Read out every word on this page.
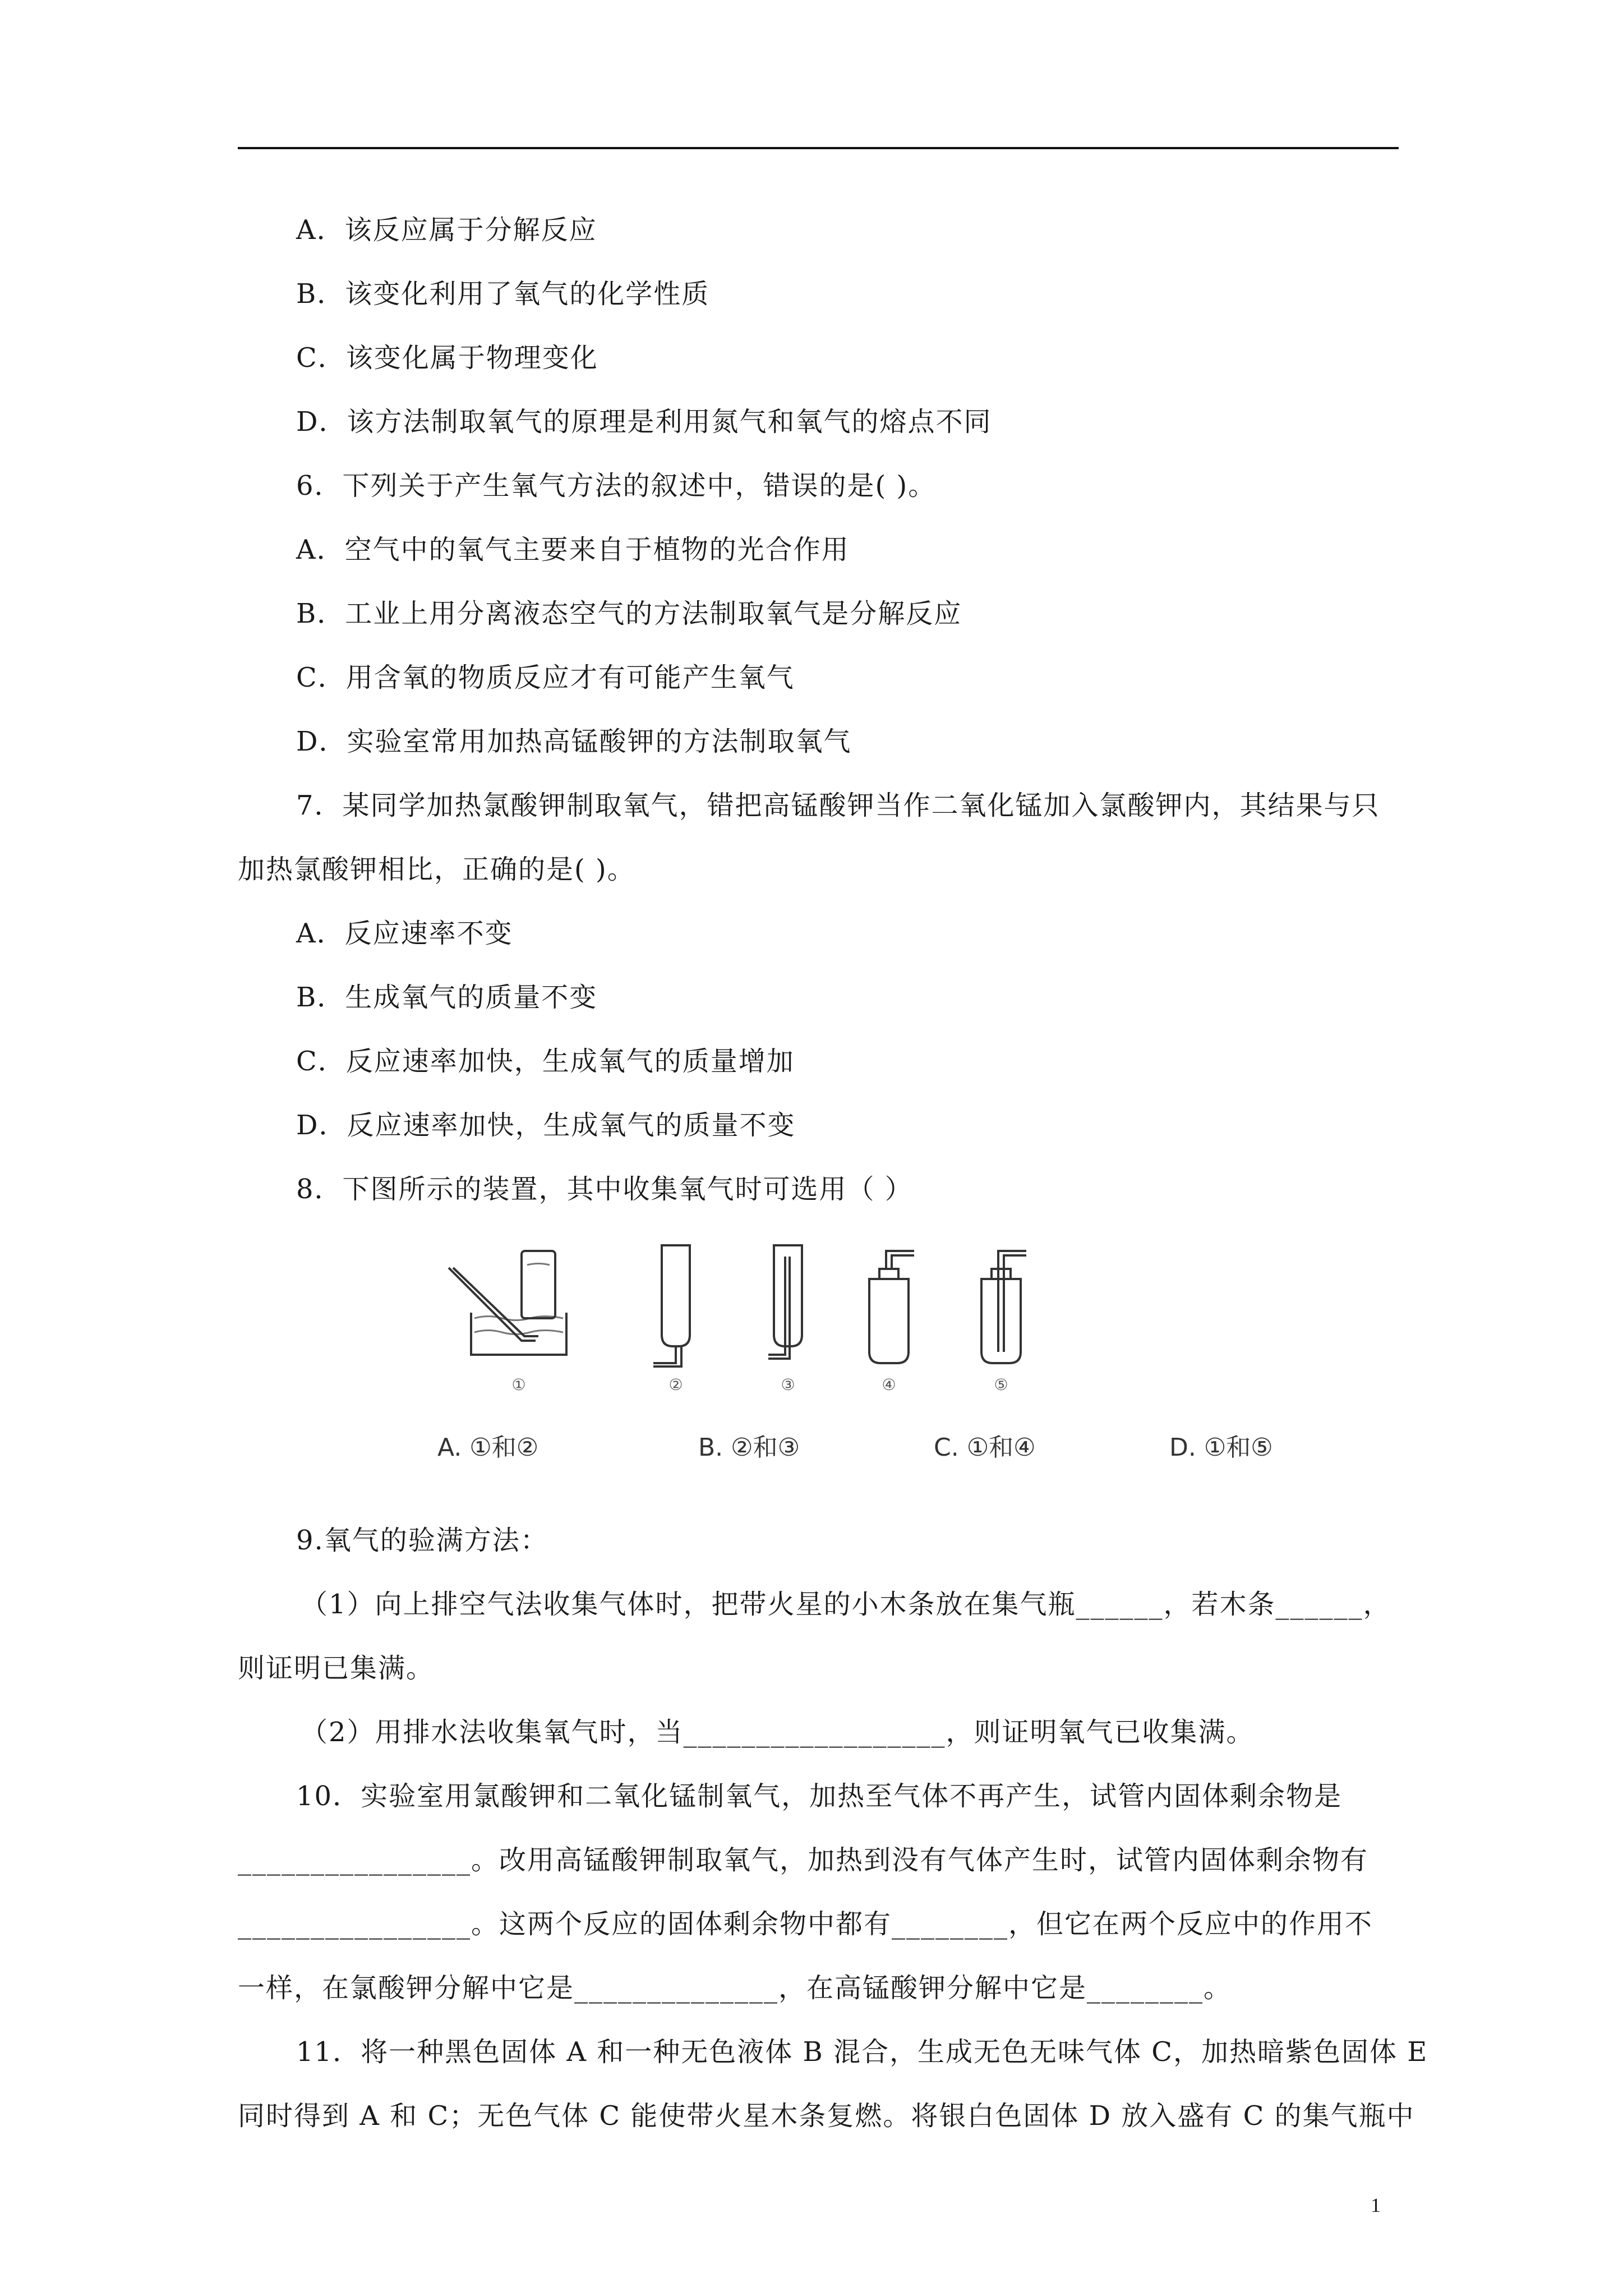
A．该反应属于分解反应
B．该变化利用了氧气的化学性质
C．该变化属于物理变化
D．该方法制取氧气的原理是利用氮气和氧气的熔点不同
6．下列关于产生氧气方法的叙述中，错误的是( )。
A．空气中的氧气主要来自于植物的光合作用
B．工业上用分离液态空气的方法制取氧气是分解反应
C．用含氧的物质反应才有可能产生氧气
D．实验室常用加热高锰酸钾的方法制取氧气
7．某同学加热氯酸钾制取氧气，错把高锰酸钾当作二氧化锰加入氯酸钾内，其结果与只
加热氯酸钾相比，正确的是( )。
A．反应速率不变
B．生成氧气的质量不变
C．反应速率加快，生成氧气的质量增加
D．反应速率加快，生成氧气的质量不变
8．下图所示的装置，其中收集氧气时可选用（ ）
①	②	③	④	⑤
A. ①和②	B. ②和③	C. ①和④	D. ①和⑤
9.氧气的验满方法：
（1）向上排空气法收集气体时，把带火星的小木条放在集气瓶______，若木条______，
则证明已集满。
（2）用排水法收集氧气时，当__________________，则证明氧气已收集满。
10．实验室用氯酸钾和二氧化锰制氧气，加热至气体不再产生，试管内固体剩余物是
________________。改用高锰酸钾制取氧气，加热到没有气体产生时，试管内固体剩余物有
________________。这两个反应的固体剩余物中都有________，但它在两个反应中的作用不
一样，在氯酸钾分解中它是______________，在高锰酸钾分解中它是________。
11．将一种黑色固体 A 和一种无色液体 B 混合，生成无色无味气体 C，加热暗紫色固体 E
同时得到 A 和 C；无色气体 C 能使带火星木条复燃。将银白色固体 D 放入盛有 C 的集气瓶中
1
